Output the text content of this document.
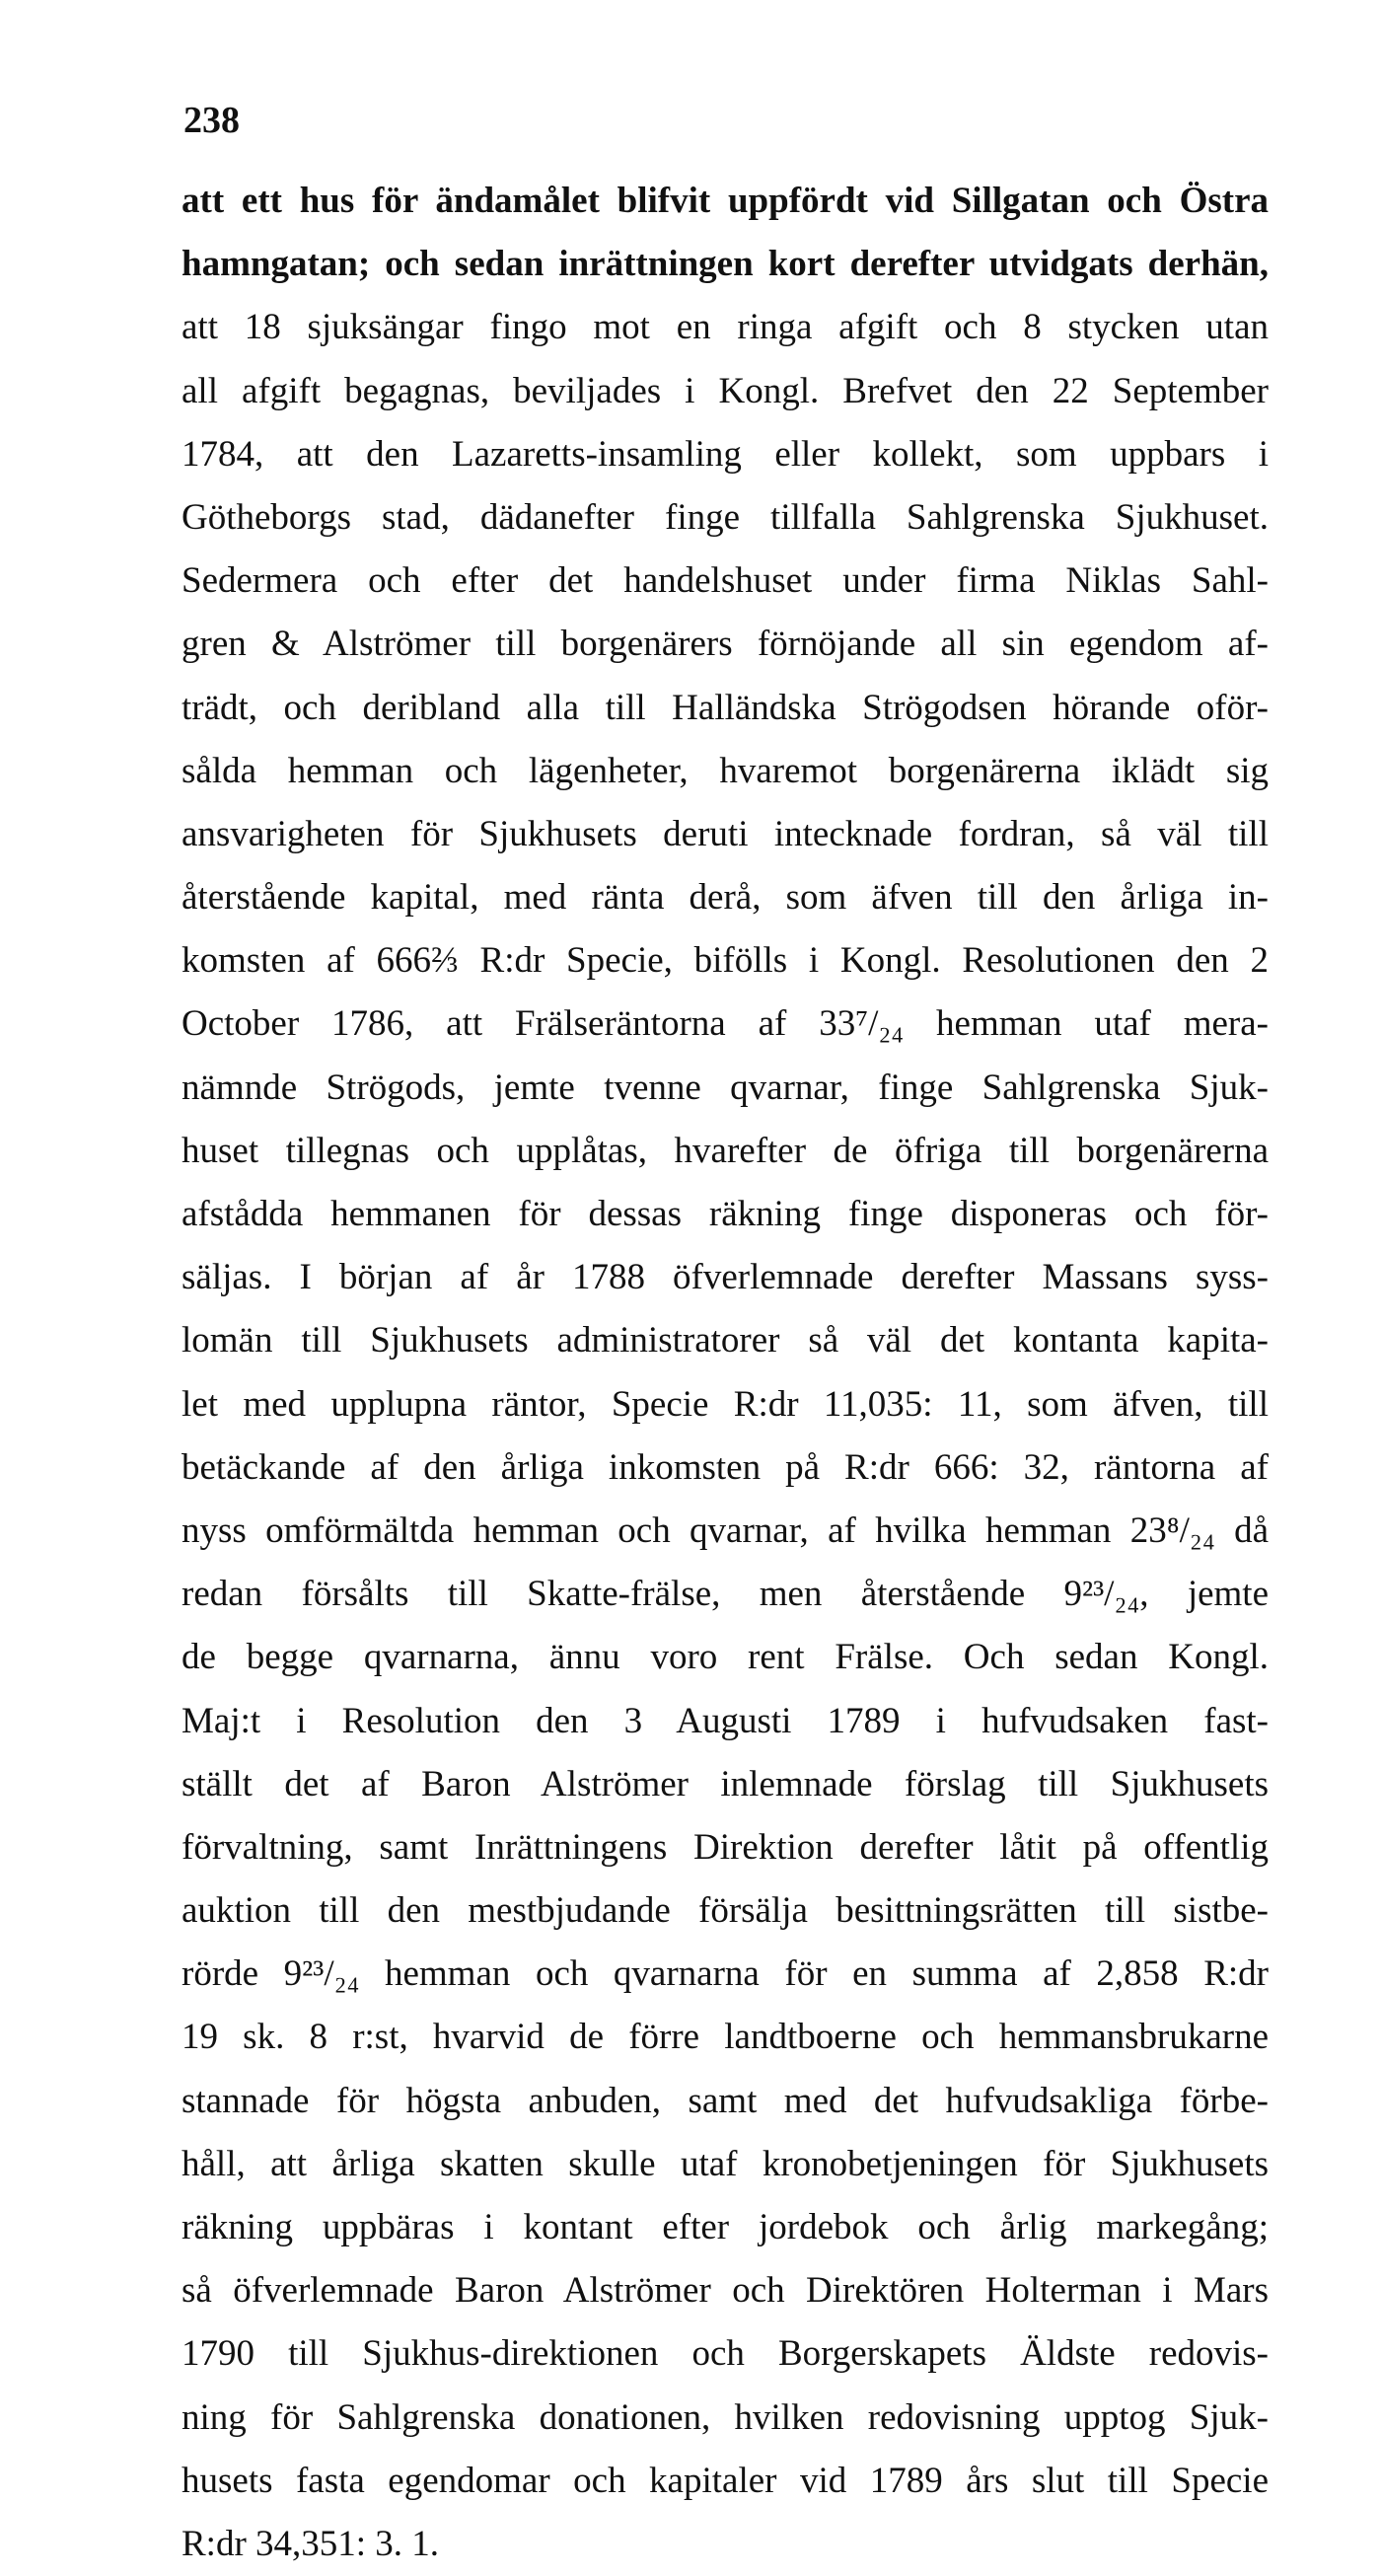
238
att ett hus för ändamålet blifvit uppfördt vid Sillgatan och Östra
hamngatan; och sedan inrättningen kort derefter utvidgats derhän,
att 18 sjuksängar fingo mot en ringa afgift och 8 stycken utan
all afgift begagnas, beviljades i Kongl. Brefvet den 22 September
1784, att den Lazaretts-insamling eller kollekt, som uppbars i
Götheborgs stad, dädanefter finge tillfalla Sahlgrenska Sjukhuset.
Sedermera och efter det handelshuset under firma Niklas Sahl-
gren & Alströmer till borgenärers förnöjande all sin egendom af-
trädt, och deribland alla till Halländska Strögodsen hörande oför-
sålda hemman och lägenheter, hvaremot borgenärerna iklädt sig
ansvarigheten för Sjukhusets deruti intecknade fordran, så väl till
återstående kapital, med ränta derå, som äfven till den årliga in-
komsten af 666⅔ R:dr Specie, bifölls i Kongl. Resolutionen den 2
October 1786, att Frälseräntorna af 33⁷/₂₄ hemman utaf mera-
nämnde Strögods, jemte tvenne qvarnar, finge Sahlgrenska Sjuk-
huset tillegnas och upplåtas, hvarefter de öfriga till borgenärerna
afstådda hemmanen för dessas räkning finge disponeras och för-
säljas. I början af år 1788 öfverlemnade derefter Massans syss-
lomän till Sjukhusets administratorer så väl det kontanta kapita-
let med upplupna räntor, Specie R:dr 11,035: 11, som äfven, till
betäckande af den årliga inkomsten på R:dr 666: 32, räntorna af
nyss omförmältda hemman och qvarnar, af hvilka hemman 23⁸/₂₄ då
redan försålts till Skatte-frälse, men återstående 9²³/₂₄, jemte
de begge qvarnarna, ännu voro rent Frälse. Och sedan Kongl.
Maj:t i Resolution den 3 Augusti 1789 i hufvudsaken fast-
ställt det af Baron Alströmer inlemnade förslag till Sjukhusets
förvaltning, samt Inrättningens Direktion derefter låtit på offentlig
auktion till den mestbjudande försälja besittningsrätten till sistbe-
rörde 9²³/₂₄ hemman och qvarnarna för en summa af 2,858 R:dr
19 sk. 8 r:st, hvarvid de förre landtboerne och hemmansbrukarne
stannade för högsta anbuden, samt med det hufvudsakliga förbe-
håll, att årliga skatten skulle utaf kronobetjeningen för Sjukhusets
räkning uppbäras i kontant efter jordebok och årlig markegång;
så öfverlemnade Baron Alströmer och Direktören Holterman i Mars
1790 till Sjukhus-direktionen och Borgerskapets Äldste redovis-
ning för Sahlgrenska donationen, hvilken redovisning upptog Sjuk-
husets fasta egendomar och kapitaler vid 1789 års slut till Specie
R:dr 34,351: 3. 1.
